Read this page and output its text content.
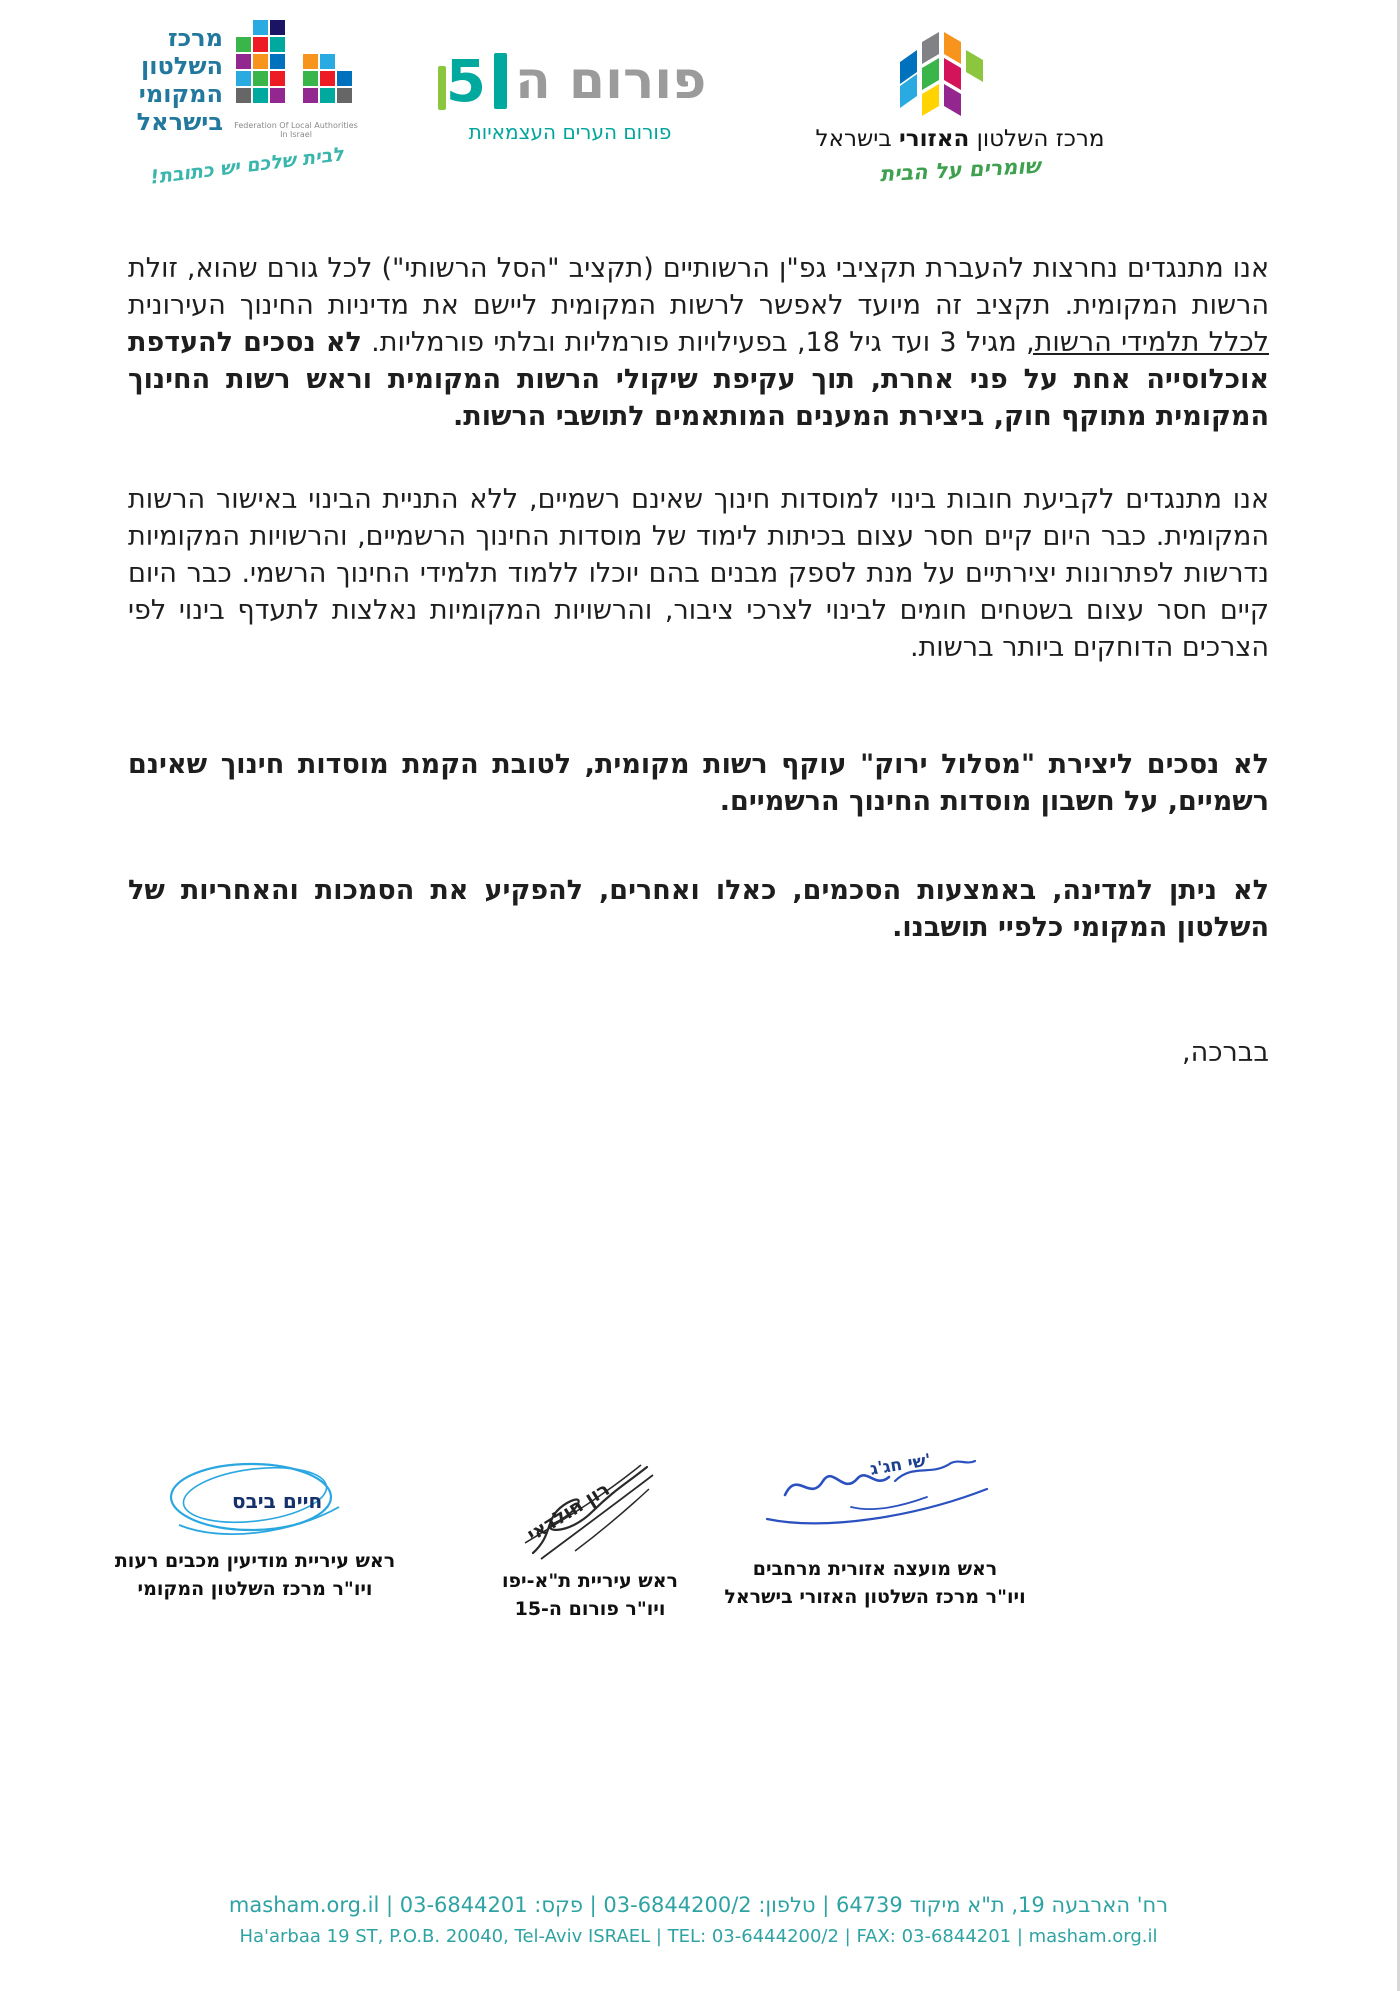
מרכז
השלטון
המקומי
בישראל	Federation Of Local Authorities In Israel
לבית שלכם יש כתובת!
פורום ה
5
פורום הערים העצמאיות	מרכז השלטון האזורי בישראל
שומרים על הבית

אנו מתנגדים נחרצות להעברת תקציבי גפ"ן הרשותיים (תקציב "הסל הרשותי") לכל גורם שהוא, זולת הרשות המקומית. תקציב זה מיועד לאפשר לרשות המקומית ליישם את מדיניות החינוך העירונית לכלל תלמידי הרשות, מגיל 3 ועד גיל 18, בפעילויות פורמליות ובלתי פורמליות. לא נסכים להעדפת אוכלוסייה אחת על פני אחרת, תוך עקיפת שיקולי הרשות המקומית וראש רשות החינוך המקומית מתוקף חוק, ביצירת המענים המותאמים לתושבי הרשות.

אנו מתנגדים לקביעת חובות בינוי למוסדות חינוך שאינם רשמיים, ללא התניית הבינוי באישור הרשות המקומית. כבר היום קיים חסר עצום בכיתות לימוד של מוסדות החינוך הרשמיים, והרשויות המקומיות נדרשות לפתרונות יצירתיים על מנת לספק מבנים בהם יוכלו ללמוד תלמידי החינוך הרשמי. כבר היום קיים חסר עצום בשטחים חומים לבינוי לצרכי ציבור, והרשויות המקומיות נאלצות לתעדף בינוי לפי הצרכים הדוחקים ביותר ברשות.

לא נסכים ליצירת "מסלול ירוק" עוקף רשות מקומית, לטובת הקמת מוסדות חינוך שאינם רשמיים, על חשבון מוסדות החינוך הרשמיים.

לא ניתן למדינה, באמצעות הסכמים, כאלו ואחרים, להפקיע את הסמכות והאחריות של השלטון המקומי כלפיי תושבנו.

בברכה,

שי חג'ג'
ראש מועצה אזורית מרחבים
ויו"ר מרכז השלטון האזורי בישראל
רון חולדאי
ראש עיריית ת"א-יפו
ויו"ר פורום ה-15
חיים ביבס
ראש עיריית מודיעין מכבים רעות
ויו"ר מרכז השלטון המקומי
רח' הארבעה 19, ת"א מיקוד 64739 | טלפון: 03-6844200/2 | פקס: 03-6844201 | masham.org.il
Ha'arbaa 19 ST, P.O.B. 20040, Tel-Aviv ISRAEL | TEL: 03-6444200/2 | FAX: 03-6844201 | masham.org.il
